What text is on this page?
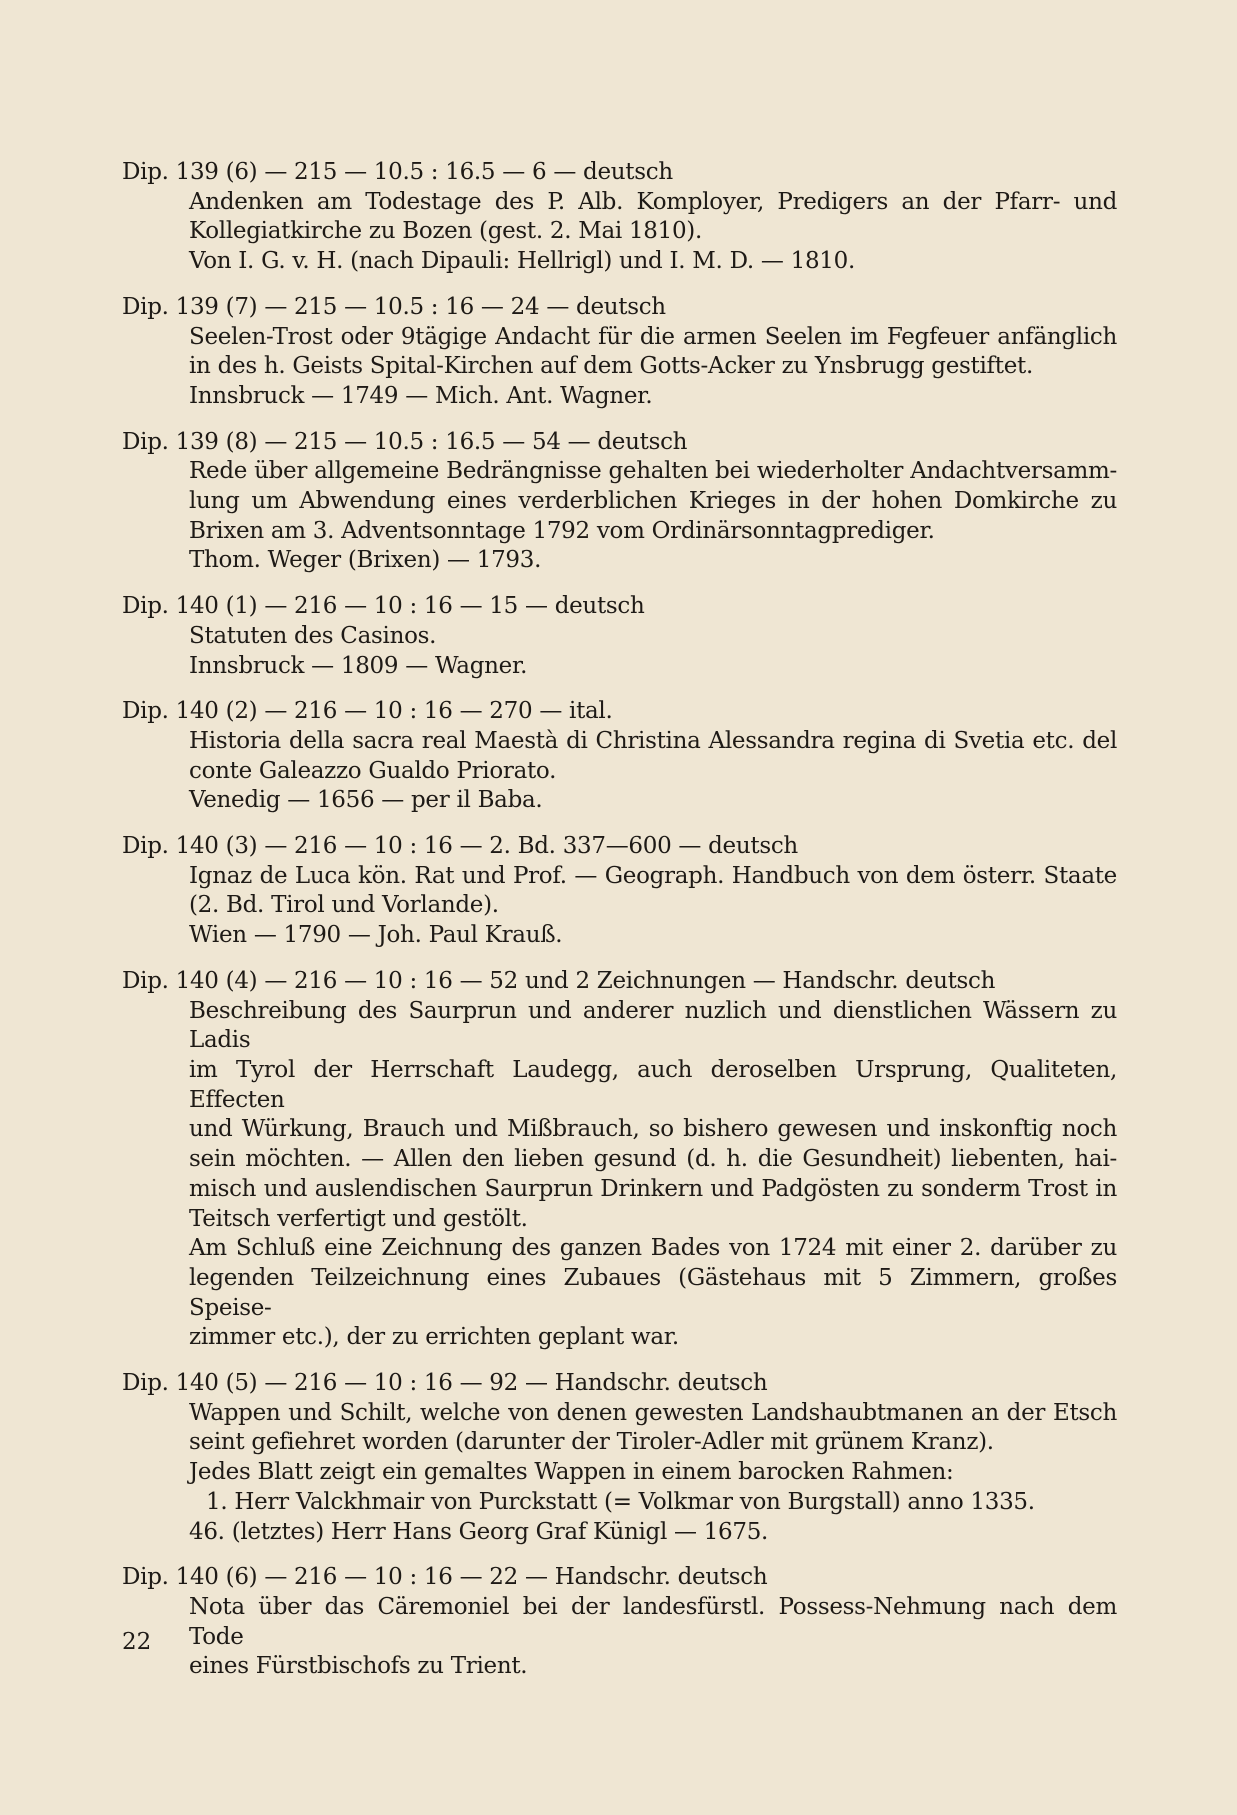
Dip. 139 (6) — 215 — 10.5 : 16.5 — 6 — deutsch
Andenken am Todestage des P. Alb. Komployer, Predigers an der Pfarr- und
Kollegiatkirche zu Bozen (gest. 2. Mai 1810).
Von I. G. v. H. (nach Dipauli: Hellrigl) und I. M. D. — 1810.
Dip. 139 (7) — 215 — 10.5 : 16 — 24 — deutsch
Seelen-Trost oder 9tägige Andacht für die armen Seelen im Fegfeuer anfänglich
in des h. Geists Spital-Kirchen auf dem Gotts-Acker zu Ynsbrugg gestiftet.
Innsbruck — 1749 — Mich. Ant. Wagner.
Dip. 139 (8) — 215 — 10.5 : 16.5 — 54 — deutsch
Rede über allgemeine Bedrängnisse gehalten bei wiederholter Andachtversamm-
lung um Abwendung eines verderblichen Krieges in der hohen Domkirche zu
Brixen am 3. Adventsonntage 1792 vom Ordinärsonntagprediger.
Thom. Weger (Brixen) — 1793.
Dip. 140 (1) — 216 — 10 : 16 — 15 — deutsch
Statuten des Casinos.
Innsbruck — 1809 — Wagner.
Dip. 140 (2) — 216 — 10 : 16 — 270 — ital.
Historia della sacra real Maestà di Christina Alessandra regina di Svetia etc. del
conte Galeazzo Gualdo Priorato.
Venedig — 1656 — per il Baba.
Dip. 140 (3) — 216 — 10 : 16 — 2. Bd. 337—600 — deutsch
Ignaz de Luca kön. Rat und Prof. — Geograph. Handbuch von dem österr. Staate
(2. Bd. Tirol und Vorlande).
Wien — 1790 — Joh. Paul Krauß.
Dip. 140 (4) — 216 — 10 : 16 — 52 und 2 Zeichnungen — Handschr. deutsch
Beschreibung des Saurprun und anderer nuzlich und dienstlichen Wässern zu Ladis
im Tyrol der Herrschaft Laudegg, auch deroselben Ursprung, Qualiteten, Effecten
und Würkung, Brauch und Mißbrauch, so bishero gewesen und inskonftig noch
sein möchten. — Allen den lieben gesund (d. h. die Gesundheit) liebenten, hai-
misch und auslendischen Saurprun Drinkern und Padgösten zu sonderm Trost in
Teitsch verfertigt und gestölt.
Am Schluß eine Zeichnung des ganzen Bades von 1724 mit einer 2. darüber zu
legenden Teilzeichnung eines Zubaues (Gästehaus mit 5 Zimmern, großes Speise-
zimmer etc.), der zu errichten geplant war.
Dip. 140 (5) — 216 — 10 : 16 — 92 — Handschr. deutsch
Wappen und Schilt, welche von denen gewesten Landshaubtmanen an der Etsch
seint gefiehret worden (darunter der Tiroler-Adler mit grünem Kranz).
Jedes Blatt zeigt ein gemaltes Wappen in einem barocken Rahmen:
1. Herr Valckhmair von Purckstatt (= Volkmar von Burgstall) anno 1335.
46. (letztes) Herr Hans Georg Graf Künigl — 1675.
Dip. 140 (6) — 216 — 10 : 16 — 22 — Handschr. deutsch
Nota über das Cäremoniel bei der landesfürstl. Possess-Nehmung nach dem Tode
eines Fürstbischofs zu Trient.
22
